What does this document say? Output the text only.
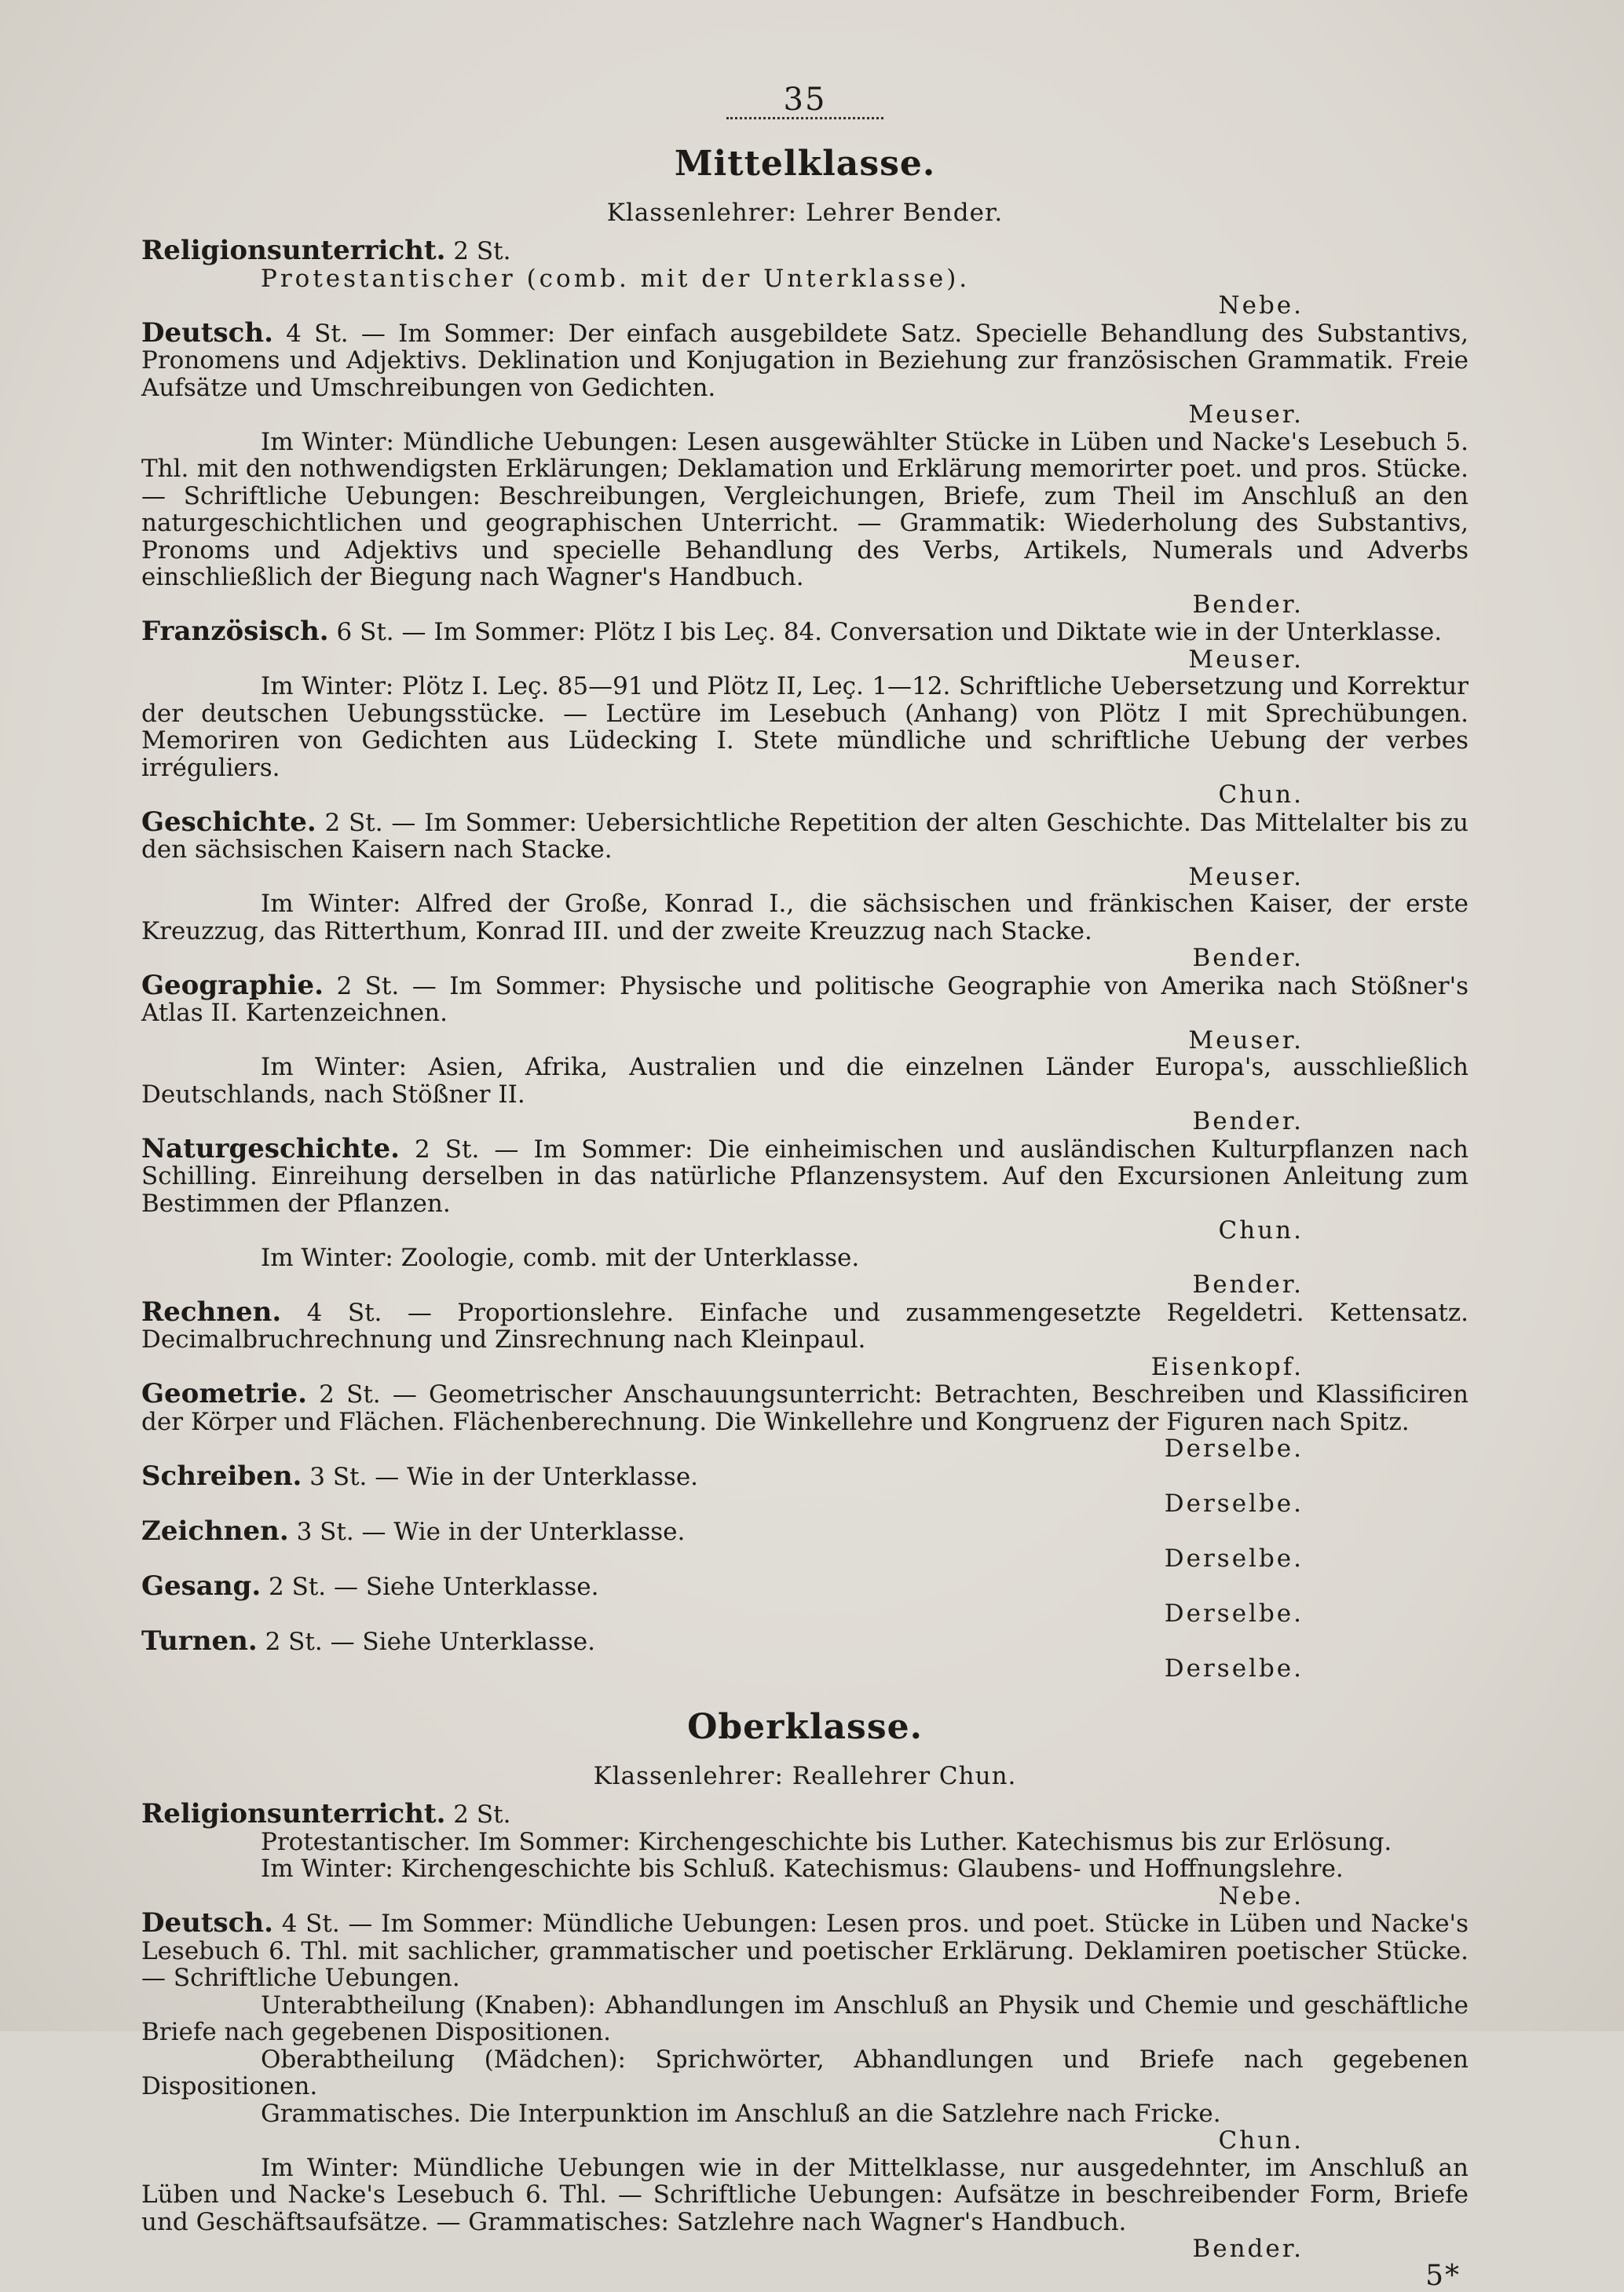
35
Mittelklasse.
Klassenlehrer: Lehrer Bender.
Religionsunterricht. 2 St.
Protestantischer (comb. mit der Unterklasse).
Nebe.
Deutsch. 4 St. — Im Sommer: Der einfach ausgebildete Satz. Specielle Behandlung des Substantivs, Pronomens und Adjektivs. Deklination und Konjugation in Beziehung zur französischen Grammatik. Freie Aufsätze und Umschreibungen von Gedichten.
Meuser.
Im Winter: Mündliche Uebungen: Lesen ausgewählter Stücke in Lüben und Nacke's Lesebuch 5. Thl. mit den nothwendigsten Erklärungen; Deklamation und Erklärung memorirter poet. und pros. Stücke. — Schriftliche Uebungen: Beschreibungen, Vergleichungen, Briefe, zum Theil im Anschluß an den naturgeschichtlichen und geographischen Unterricht. — Grammatik: Wiederholung des Substantivs, Pronoms und Adjektivs und specielle Behandlung des Verbs, Artikels, Numerals und Adverbs einschließlich der Biegung nach Wagner's Handbuch.
Bender.
Französisch. 6 St. — Im Sommer: Plötz I bis Leç. 84. Conversation und Diktate wie in der Unterklasse.
Meuser.
Im Winter: Plötz I. Leç. 85—91 und Plötz II, Leç. 1—12. Schriftliche Uebersetzung und Korrektur der deutschen Uebungsstücke. — Lectüre im Lesebuch (Anhang) von Plötz I mit Sprechübungen. Memoriren von Gedichten aus Lüdecking I. Stete mündliche und schriftliche Uebung der verbes irréguliers.
Chun.
Geschichte. 2 St. — Im Sommer: Uebersichtliche Repetition der alten Geschichte. Das Mittelalter bis zu den sächsischen Kaisern nach Stacke.
Meuser.
Im Winter: Alfred der Große, Konrad I., die sächsischen und fränkischen Kaiser, der erste Kreuzzug, das Ritterthum, Konrad III. und der zweite Kreuzzug nach Stacke.
Bender.
Geographie. 2 St. — Im Sommer: Physische und politische Geographie von Amerika nach Stößner's Atlas II. Kartenzeichnen.
Meuser.
Im Winter: Asien, Afrika, Australien und die einzelnen Länder Europa's, ausschließlich Deutschlands, nach Stößner II.
Bender.
Naturgeschichte. 2 St. — Im Sommer: Die einheimischen und ausländischen Kulturpflanzen nach Schilling. Einreihung derselben in das natürliche Pflanzensystem. Auf den Excursionen Anleitung zum Bestimmen der Pflanzen.
Chun.
Im Winter: Zoologie, comb. mit der Unterklasse.
Bender.
Rechnen. 4 St. — Proportionslehre. Einfache und zusammengesetzte Regeldetri. Kettensatz. Decimalbruchrechnung und Zinsrechnung nach Kleinpaul.
Eisenkopf.
Geometrie. 2 St. — Geometrischer Anschauungsunterricht: Betrachten, Beschreiben und Klassificiren der Körper und Flächen. Flächenberechnung. Die Winkellehre und Kongruenz der Figuren nach Spitz.
Derselbe.
Schreiben. 3 St. — Wie in der Unterklasse.
Derselbe.
Zeichnen. 3 St. — Wie in der Unterklasse.
Derselbe.
Gesang. 2 St. — Siehe Unterklasse.
Derselbe.
Turnen. 2 St. — Siehe Unterklasse.
Derselbe.
Oberklasse.
Klassenlehrer: Reallehrer Chun.
Religionsunterricht. 2 St.
Protestantischer. Im Sommer: Kirchengeschichte bis Luther. Katechismus bis zur Erlösung.
Im Winter: Kirchengeschichte bis Schluß. Katechismus: Glaubens- und Hoffnungslehre.
Nebe.
Deutsch. 4 St. — Im Sommer: Mündliche Uebungen: Lesen pros. und poet. Stücke in Lüben und Nacke's Lesebuch 6. Thl. mit sachlicher, grammatischer und poetischer Erklärung. Deklamiren poetischer Stücke. — Schriftliche Uebungen.
Unterabtheilung (Knaben): Abhandlungen im Anschluß an Physik und Chemie und geschäftliche Briefe nach gegebenen Dispositionen.
Oberabtheilung (Mädchen): Sprichwörter, Abhandlungen und Briefe nach gegebenen Dispositionen.
Grammatisches. Die Interpunktion im Anschluß an die Satzlehre nach Fricke.
Chun.
Im Winter: Mündliche Uebungen wie in der Mittelklasse, nur ausgedehnter, im Anschluß an Lüben und Nacke's Lesebuch 6. Thl. — Schriftliche Uebungen: Aufsätze in beschreibender Form, Briefe und Geschäftsaufsätze. — Grammatisches: Satzlehre nach Wagner's Handbuch.
Bender.
5*
